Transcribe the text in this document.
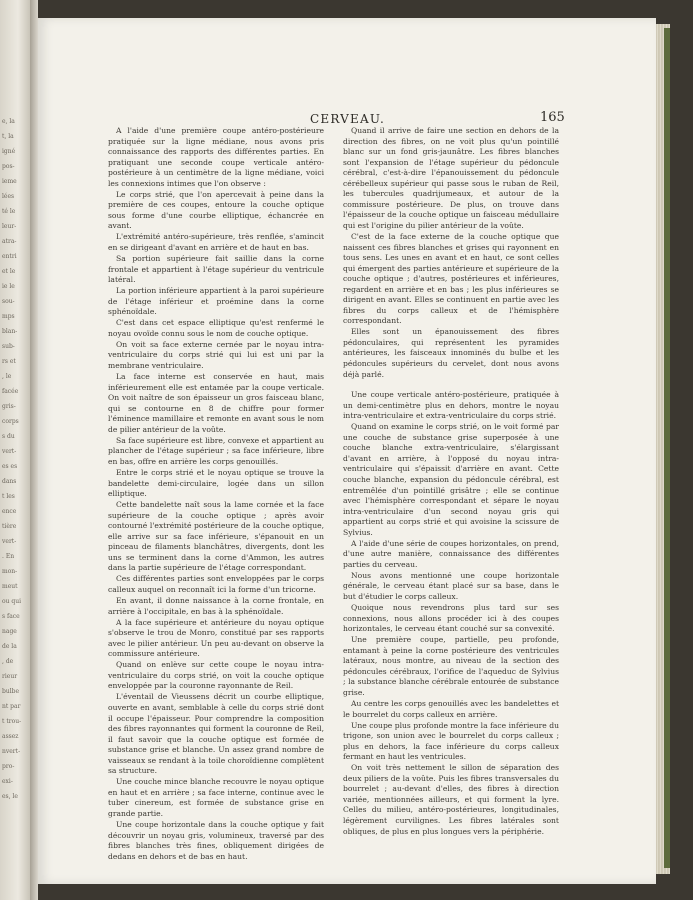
e, la
t, la
igné
pos-
ieme
lées
té le
leur-
atra-
entri
et le
ie le
sou-
mps
blan-
sub-
rs et
, le
facée
gris-
corps
s du
vert-
es es
dans
t les
ence
tière
vert-
. En
mon-
meut
ou qui
s face
nage
de la
, de
rieur
bulbe
nt par
t trou-
assez
nvert-
pro-
exi-
es, le
CERVEAU.	165

A l'aide d'une première coupe antéro-postérieure pratiquée sur la ligne médiane, nous avons pris connaissance des rapports des différentes parties. En pratiquant une seconde coupe verticale antéro-postérieure à un centimètre de la ligne médiane, voici les connexions intimes que l'on observe :

Le corps strié, que l'on apercevait à peine dans la première de ces coupes, entoure la couche optique sous forme d'une courbe elliptique, échancrée en avant.

L'extrémité antéro-supérieure, très renflée, s'amincit en se dirigeant d'avant en arrière et de haut en bas.

Sa portion supérieure fait saillie dans la corne frontale et appartient à l'étage supérieur du ventricule latéral.

La portion inférieure appartient à la paroi supérieure de l'étage inférieur et proémine dans la corne sphénoïdale.

C'est dans cet espace elliptique qu'est renfermé le noyau ovoïde connu sous le nom de couche optique.

On voit sa face externe cernée par le noyau intra-ventriculaire du corps strié qui lui est uni par la membrane ventriculaire.

La face interne est conservée en haut, mais inférieurement elle est entamée par la coupe verticale. On voit naître de son épaisseur un gros faisceau blanc, qui se contourne en 8 de chiffre pour former l'éminence mamillaire et remonte en avant sous le nom de pilier antérieur de la voûte.

Sa face supérieure est libre, convexe et appartient au plancher de l'étage supérieur ; sa face inférieure, libre en bas, offre en arrière les corps genouillés.

Entre le corps strié et le noyau optique se trouve la bandelette demi-circulaire, logée dans un sillon elliptique.

Cette bandelette naît sous la lame cornée et la face supérieure de la couche optique ; après avoir contourné l'extrémité postérieure de la couche optique, elle arrive sur sa face inférieure, s'épanouit en un pinceau de filaments blanchâtres, divergents, dont les uns se terminent dans la corne d'Ammon, les autres dans la partie supérieure de l'étage correspondant.

Ces différentes parties sont enveloppées par le corps calleux auquel on reconnaît ici la forme d'un tricorne.

En avant, il donne naissance à la corne frontale, en arrière à l'occipitale, en bas à la sphénoïdale.

A la face supérieure et antérieure du noyau optique s'observe le trou de Monro, constitué par ses rapports avec le pilier antérieur. Un peu au-devant on observe la commissure antérieure.

Quand on enlève sur cette coupe le noyau intra-ventriculaire du corps strié, on voit la couche optique enveloppée par la couronne rayonnante de Reil.

L'éventail de Vieussens décrit un courbe elliptique, ouverte en avant, semblable à celle du corps strié dont il occupe l'épaisseur. Pour comprendre la composition des fibres rayonnantes qui forment la couronne de Reil, il faut savoir que la couche optique est formée de substance grise et blanche. Un assez grand nombre de vaisseaux se rendant à la toile choroïdienne complètent sa structure.

Une couche mince blanche recouvre le noyau optique en haut et en arrière ; sa face interne, continue avec le tuber cinereum, est formée de substance grise en grande partie.

Une coupe horizontale dans la couche optique y fait découvrir un noyau gris, volumineux, traversé par des fibres blanches très fines, obliquement dirigées de dedans en dehors et de bas en haut.

Quand il arrive de faire une section en dehors de la direction des fibres, on ne voit plus qu'un pointillé blanc sur un fond gris-jaunâtre. Les fibres blanches sont l'expansion de l'étage supérieur du pédoncule cérébral, c'est-à-dire l'épanouissement du pédoncule cérébelleux supérieur qui passe sous le ruban de Reil, les tubercules quadrijumeaux, et autour de la commissure postérieure. De plus, on trouve dans l'épaisseur de la couche optique un faisceau médullaire qui est l'origine du pilier antérieur de la voûte.

C'est de la face externe de la couche optique que naissent ces fibres blanches et grises qui rayonnent en tous sens. Les unes en avant et en haut, ce sont celles qui émergent des parties antérieure et supérieure de la couche optique ; d'autres, postérieures et inférieures, regardent en arrière et en bas ; les plus inférieures se dirigent en avant. Elles se continuent en partie avec les fibres du corps calleux et de l'hémisphère correspondant.

Elles sont un épanouissement des fibres pédonculaires, qui représentent les pyramides antérieures, les faisceaux innominés du bulbe et les pédoncules supérieurs du cervelet, dont nous avons déjà parlé.

Une coupe verticale antéro-postérieure, pratiquée à un demi-centimètre plus en dehors, montre le noyau intra-ventriculaire et extra-ventriculaire du corps strié.

Quand on examine le corps strié, on le voit formé par une couche de substance grise superposée à une couche blanche extra-ventriculaire, s'élargissant d'avant en arrière, à l'opposé du noyau intra-ventriculaire qui s'épaissit d'arrière en avant. Cette couche blanche, expansion du pédoncule cérébral, est entremêlée d'un pointillé grisâtre ; elle se continue avec l'hémisphère correspondant et sépare le noyau intra-ventriculaire d'un second noyau gris qui appartient au corps strié et qui avoisine la scissure de Sylvius.

A l'aide d'une série de coupes horizontales, on prend, d'une autre manière, connaissance des différentes parties du cerveau.

Nous avons mentionné une coupe horizontale générale, le cerveau étant placé sur sa base, dans le but d'étudier le corps calleux.

Quoique nous revendrons plus tard sur ses connexions, nous allons procéder ici à des coupes horizontales, le cerveau étant couché sur sa convexité.

Une première coupe, partielle, peu profonde, entamant à peine la corne postérieure des ventricules latéraux, nous montre, au niveau de la section des pédoncules cérébraux, l'orifice de l'aqueduc de Sylvius ; la substance blanche cérébrale entourée de substance grise.

Au centre les corps genouillés avec les bandelettes et le bourrelet du corps calleux en arrière.

Une coupe plus profonde montre la face inférieure du trigone, son union avec le bourrelet du corps calleux ; plus en dehors, la face inférieure du corps calleux fermant en haut les ventricules.

On voit très nettement le sillon de séparation des deux piliers de la voûte. Puis les fibres transversales du bourrelet ; au-devant d'elles, des fibres à direction variée, mentionnées ailleurs, et qui forment la lyre. Celles du milieu, antéro-postérieures, longitudinales, légèrement curvilignes. Les fibres latérales sont obliques, de plus en plus longues vers la périphérie.
